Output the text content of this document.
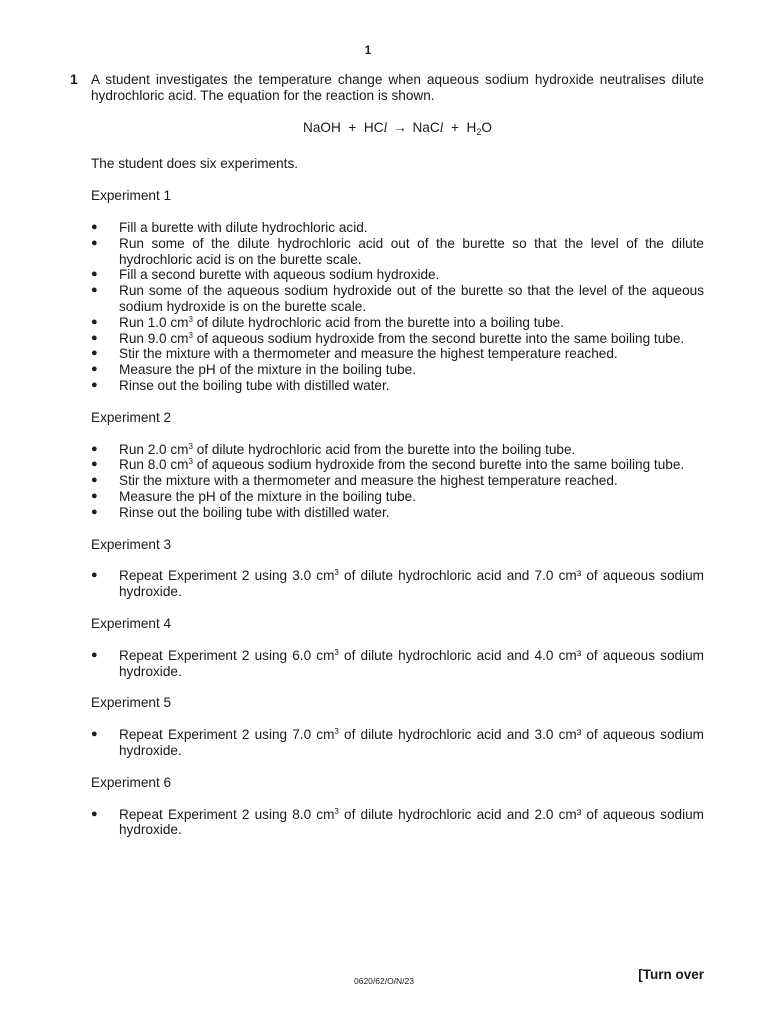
1
1 A student investigates the temperature change when aqueous sodium hydroxide neutralises dilute hydrochloric acid. The equation for the reaction is shown.

NaOH + HCl → NaCl + $H_2O$

The student does six experiments.

Experiment 1

● Fill a burette with dilute hydrochloric acid.
● Run some of the dilute hydrochloric acid out of the burette so that the level of the dilute hydrochloric acid is on the burette scale.
● Fill a second burette with aqueous sodium hydroxide.
● Run some of the aqueous sodium hydroxide out of the burette so that the level of the aqueous sodium hydroxide is on the burette scale.
● Run 1.0 $cm^3$ of dilute hydrochloric acid from the burette into a boiling tube.
● Run 9.0 $cm^3$ of aqueous sodium hydroxide from the second burette into the same boiling tube.
● Stir the mixture with a thermometer and measure the highest temperature reached.
● Measure the pH of the mixture in the boiling tube.
● Rinse out the boiling tube with distilled water.

Experiment 2

● Run 2.0 $cm^3$ of dilute hydrochloric acid from the burette into the boiling tube.
● Run 8.0 $cm^3$ of aqueous sodium hydroxide from the second burette into the same boiling tube.
● Stir the mixture with a thermometer and measure the highest temperature reached.
● Measure the pH of the mixture in the boiling tube.
● Rinse out the boiling tube with distilled water.

Experiment 3

● Repeat Experiment 2 using 3.0 $cm^3$ of dilute hydrochloric acid and 7.0 cm³ of aqueous sodium hydroxide.

Experiment 4

● Repeat Experiment 2 using 6.0 $cm^3$ of dilute hydrochloric acid and 4.0 cm³ of aqueous sodium hydroxide.

Experiment 5

● Repeat Experiment 2 using 7.0 $cm^3$ of dilute hydrochloric acid and 3.0 cm³ of aqueous sodium hydroxide.

Experiment 6

● Repeat Experiment 2 using 8.0 $cm^3$ of dilute hydrochloric acid and 2.0 cm³ of aqueous sodium hydroxide.
0620/62/O/N/23	[Turn over
